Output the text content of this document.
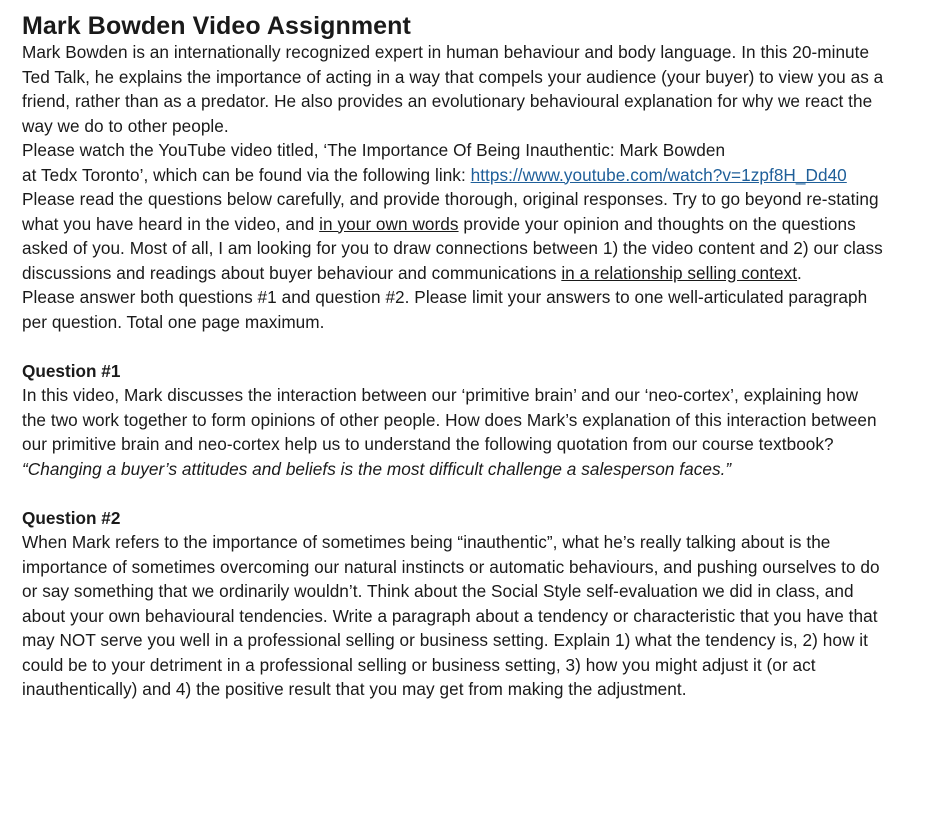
Mark Bowden Video Assignment

Mark Bowden is an internationally recognized expert in human behaviour and body language. In this 20-minute Ted Talk, he explains the importance of acting in a way that compels your audience (your buyer) to view you as a friend, rather than as a predator. He also provides an evolutionary behavioural explanation for why we react the way we do to other people.

Please watch the YouTube video titled, ‘The Importance Of Being Inauthentic: Mark Bowden
at Tedx Toronto’, which can be found via the following link: https://www.youtube.com/watch?v=1zpf8H_Dd40

Please read the questions below carefully, and provide thorough, original responses. Try to go beyond re-stating what you have heard in the video, and in your own words provide your opinion and thoughts on the questions asked of you. Most of all, I am looking for you to draw connections between 1) the video content and 2) our class discussions and readings about buyer behaviour and communications in a relationship selling context.

Please answer both questions #1 and question #2. Please limit your answers to one well-articulated paragraph per question. Total one page maximum.

Question #1

In this video, Mark discusses the interaction between our ‘primitive brain’ and our ‘neo-cortex’, explaining how the two work together to form opinions of other people. How does Mark’s explanation of this interaction between our primitive brain and neo-cortex help us to understand the following quotation from our course textbook? “Changing a buyer’s attitudes and beliefs is the most difficult challenge a salesperson faces.”

Question #2

When Mark refers to the importance of sometimes being “inauthentic”, what he’s really talking about is the importance of sometimes overcoming our natural instincts or automatic behaviours, and pushing ourselves to do or say something that we ordinarily wouldn’t. Think about the Social Style self-evaluation we did in class, and about your own behavioural tendencies. Write a paragraph about a tendency or characteristic that you have that may NOT serve you well in a professional selling or business setting. Explain 1) what the tendency is, 2) how it could be to your detriment in a professional selling or business setting, 3) how you might adjust it (or act inauthentically) and 4) the positive result that you may get from making the adjustment.
